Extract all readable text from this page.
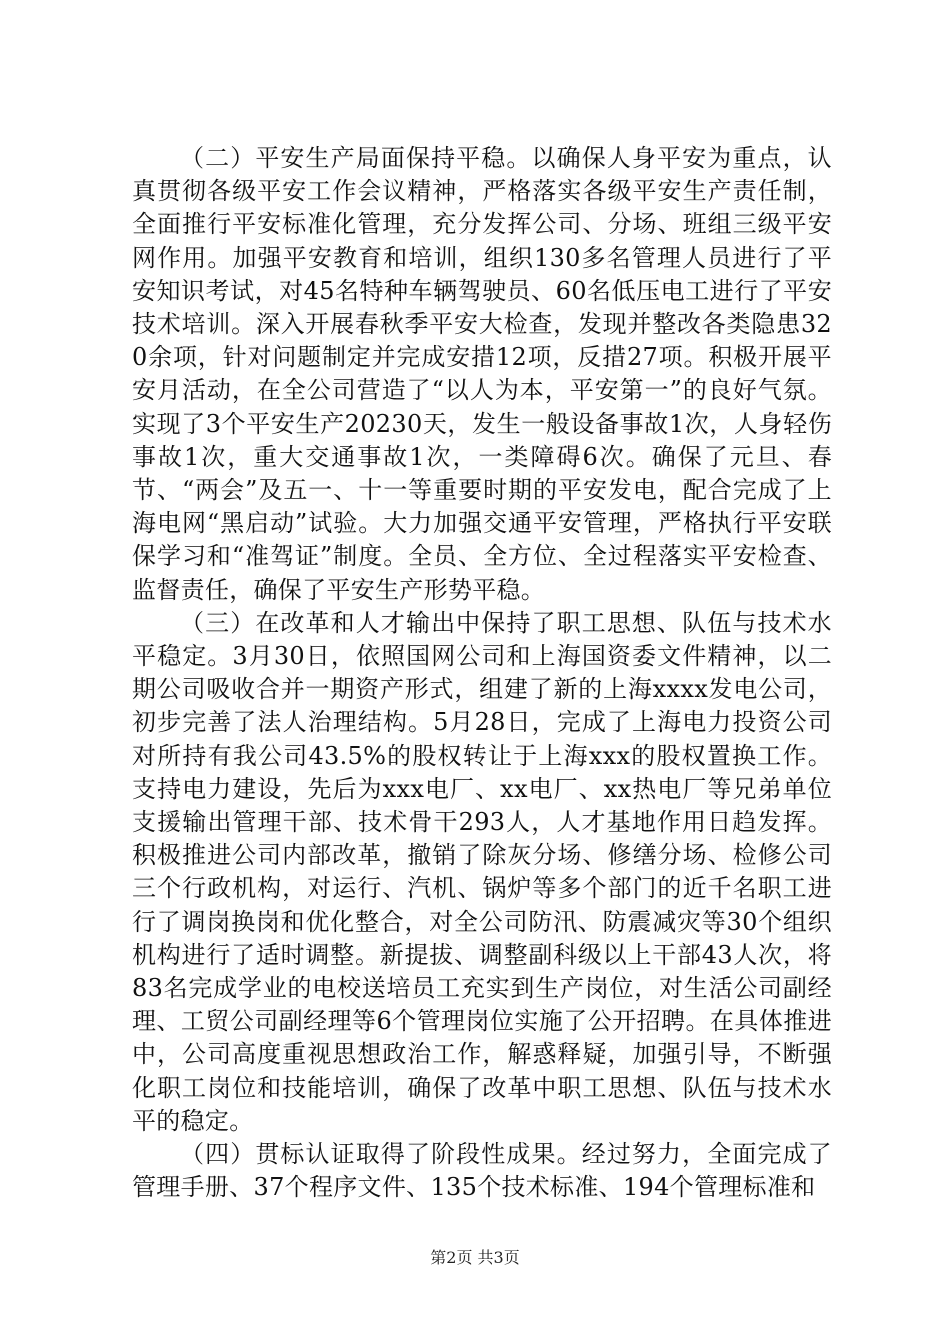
（二）平安生产局面保持平稳。以确保人身平安为重点，认真贯彻各级平安工作会议精神，严格落实各级平安生产责任制，全面推行平安标准化管理，充分发挥公司、分场、班组三级平安网作用。加强平安教育和培训，组织130多名管理人员进行了平安知识考试，对45名特种车辆驾驶员、60名低压电工进行了平安技术培训。深入开展春秋季平安大检查，发现并整改各类隐患320余项，针对问题制定并完成安措12项，反措27项。积极开展平安月活动，在全公司营造了“以人为本，平安第一”的良好气氛。实现了3个平安生产20230天，发生一般设备事故1次，人身轻伤事故1次，重大交通事故1次，一类障碍6次。确保了元旦、春节、“两会”及五一、十一等重要时期的平安发电，配合完成了上海电网“黑启动”试验。大力加强交通平安管理，严格执行平安联保学习和“准驾证”制度。全员、全方位、全过程落实平安检查、监督责任，确保了平安生产形势平稳。

（三）在改革和人才输出中保持了职工思想、队伍与技术水平稳定。3月30日，依照国网公司和上海国资委文件精神，以二期公司吸收合并一期资产形式，组建了新的上海xxxx发电公司，初步完善了法人治理结构。5月28日，完成了上海电力投资公司对所持有我公司43.5%的股权转让于上海xxx的股权置换工作。支持电力建设，先后为xxx电厂、xx电厂、xx热电厂等兄弟单位支援输出管理干部、技术骨干293人，人才基地作用日趋发挥。积极推进公司内部改革，撤销了除灰分场、修缮分场、检修公司三个行政机构，对运行、汽机、锅炉等多个部门的近千名职工进行了调岗换岗和优化整合，对全公司防汛、防震减灾等30个组织机构进行了适时调整。新提拔、调整副科级以上干部43人次，将83名完成学业的电校送培员工充实到生产岗位，对生活公司副经理、工贸公司副经理等6个管理岗位实施了公开招聘。在具体推进中，公司高度重视思想政治工作，解惑释疑，加强引导，不断强化职工岗位和技能培训，确保了改革中职工思想、队伍与技术水平的稳定。

（四）贯标认证取得了阶段性成果。经过努力，全面完成了管理手册、37个程序文件、135个技术标准、194个管理标准和

第2页 共3页
